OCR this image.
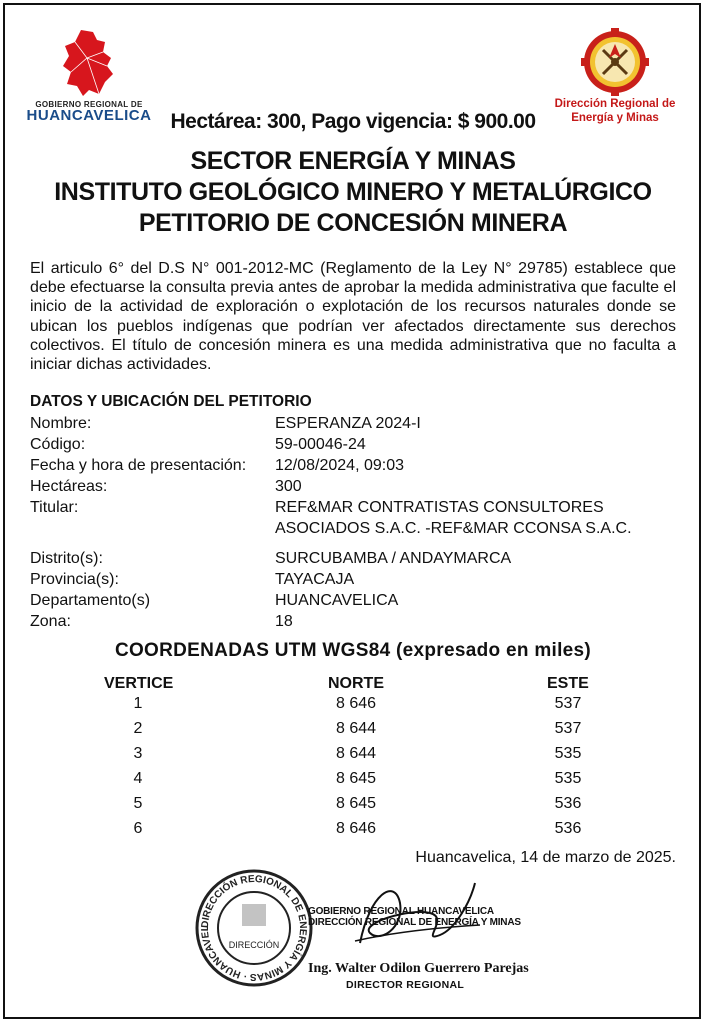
GOBIERNO REGIONAL DE
HUANCAVELICA
Dirección Regional de
Energía y Minas
Hectárea: 300, Pago vigencia: $ 900.00
SECTOR ENERGÍA Y MINAS
INSTITUTO GEOLÓGICO MINERO Y METALÚRGICO
PETITORIO DE CONCESIÓN MINERA
El articulo 6° del D.S N° 001-2012-MC (Reglamento de la Ley N° 29785) establece que debe efectuarse la consulta previa antes de aprobar la medida administrativa que faculte el inicio de la actividad de exploración o explotación de los recursos naturales donde se ubican los pueblos indígenas que podrían ver afectados directamente sus derechos colectivos. El título de concesión minera es una medida administrativa que no faculta a iniciar dichas actividades.
DATOS Y UBICACIÓN DEL PETITORIO
Nombre:	ESPERANZA 2024-I
Código:	59-00046-24
Fecha y hora de presentación:	12/08/2024, 09:03
Hectáreas:	300
Titular:	REF&MAR CONTRATISTAS CONSULTORES
ASOCIADOS S.A.C. -REF&MAR CCONSA S.A.C.
Distrito(s):	SURCUBAMBA / ANDAYMARCA
Provincia(s):	TAYACAJA
Departamento(s)	HUANCAVELICA
Zona:	18
COORDENADAS UTM WGS84 (expresado en miles)
VERTICE	NORTE	ESTE
1	8 646	537
2	8 644	537
3	8 644	535
4	8 645	535
5	8 645	536
6	8 646	536
Huancavelica, 14 de marzo de 2025.
DIRECCIÓN REGIONAL DE ENERGÍA Y MINAS · HUANCAVEL
DIRECCIÓN
GOBIERNO REGIONAL HUANCAVELICA
DIRECCIÓN REGIONAL DE ENERGÍA Y MINAS
Ing. Walter Odilon Guerrero Parejas
DIRECTOR REGIONAL
